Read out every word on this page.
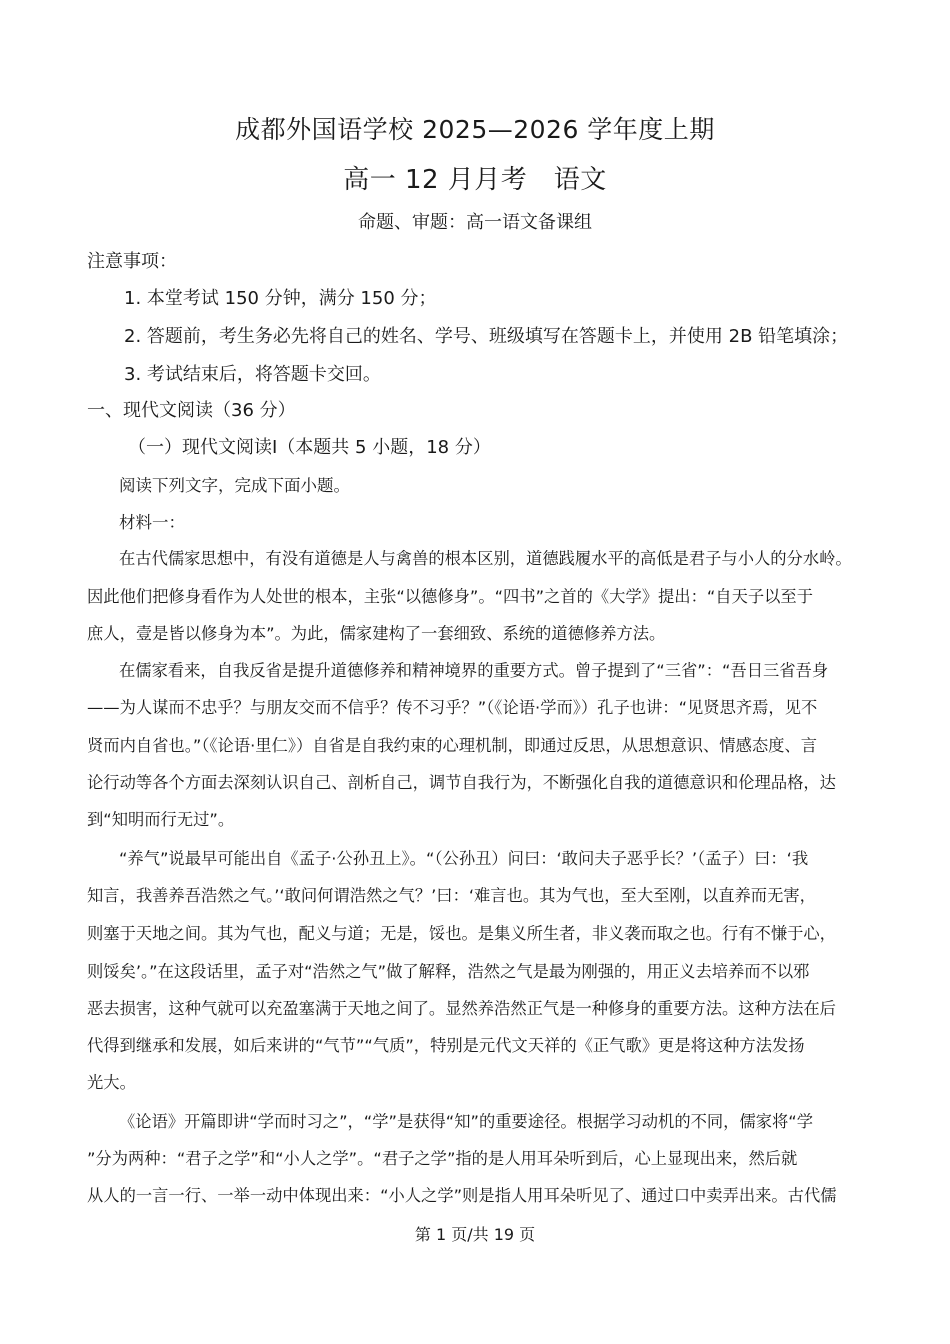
成都外国语学校 2025—2026 学年度上期
高一 12 月月考　语文
命题、审题：高一语文备课组
注意事项：
1. 本堂考试 150 分钟，满分 150 分；
2. 答题前，考生务必先将自己的姓名、学号、班级填写在答题卡上，并使用 2B 铅笔填涂；
3. 考试结束后，将答题卡交回。
一、现代文阅读（36 分）
（一）现代文阅读Ⅰ（本题共 5 小题，18 分）
阅读下列文字，完成下面小题。
材料一：
在古代儒家思想中，有没有道德是人与禽兽的根本区别，道德践履水平的高低是君子与小人的分水岭。
因此他们把修身看作为人处世的根本，主张“以德修身”。“四书”之首的《大学》提出：“自天子以至于
庶人，壹是皆以修身为本”。为此，儒家建构了一套细致、系统的道德修养方法。
在儒家看来，自我反省是提升道德修养和精神境界的重要方式。曾子提到了“三省”：“吾日三省吾身
——为人谋而不忠乎？与朋友交而不信乎？传不习乎？”（《论语·学而》）孔子也讲：“见贤思齐焉，见不
贤而内自省也。”（《论语·里仁》）自省是自我约束的心理机制，即通过反思，从思想意识、情感态度、言
论行动等各个方面去深刻认识自己、剖析自己，调节自我行为，不断强化自我的道德意识和伦理品格，达
到“知明而行无过”。
“养气”说最早可能出自《孟子·公孙丑上》。“（公孙丑）问曰：‘敢问夫子恶乎长？’（孟子）曰：‘我
知言，我善养吾浩然之气。’‘敢问何谓浩然之气？’曰：‘难言也。其为气也，至大至刚，以直养而无害，
则塞于天地之间。其为气也，配义与道；无是，馁也。是集义所生者，非义袭而取之也。行有不慊于心，
则馁矣’。”在这段话里，孟子对“浩然之气”做了解释，浩然之气是最为刚强的，用正义去培养而不以邪
恶去损害，这种气就可以充盈塞满于天地之间了。显然养浩然正气是一种修身的重要方法。这种方法在后
代得到继承和发展，如后来讲的“气节”“气质”，特别是元代文天祥的《正气歌》更是将这种方法发扬
光大。
《论语》开篇即讲“学而时习之”，“学”是获得“知”的重要途径。根据学习动机的不同，儒家将“学
”分为两种：“君子之学”和“小人之学”。“君子之学”指的是人用耳朵听到后，心上显现出来，然后就
从人的一言一行、一举一动中体现出来：“小人之学”则是指人用耳朵听见了、通过口中卖弄出来。古代儒
第 1 页/共 19 页
